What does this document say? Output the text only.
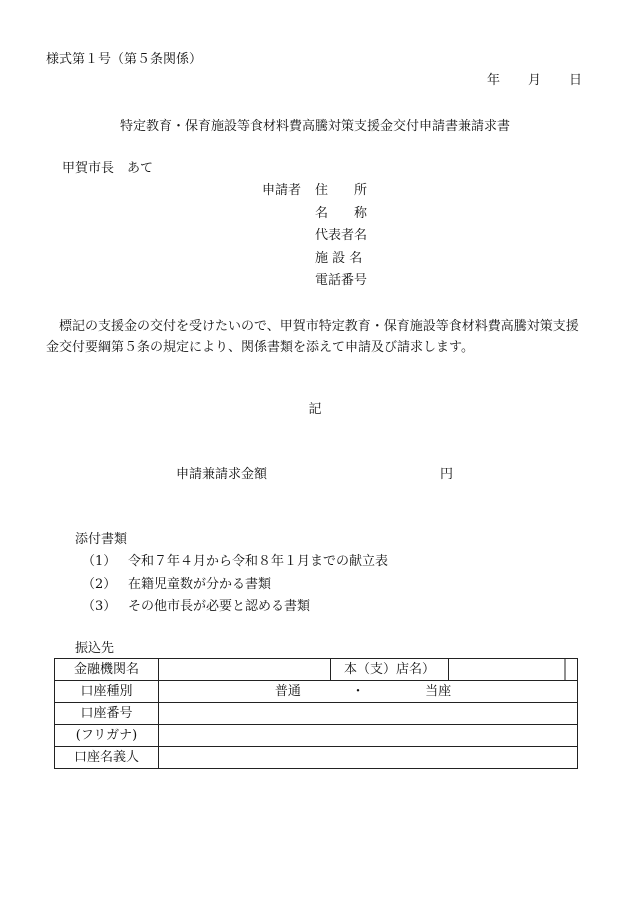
様式第１号（第５条関係）
年 月 日
特定教育・保育施設等食材料費高騰対策支援金交付申請書兼請求書
甲賀市長　あて
申請者 住　　所
名　　称
代表者名
施 設 名
電話番号
標記の支援金の交付を受けたいので、甲賀市特定教育・保育施設等食材料費高騰対策支援金交付要綱第５条の規定により、関係書類を添えて申請及び請求します。
記
申請兼請求金額	円
添付書類
（1） 令和７年４月から令和８年１月までの献立表
（2） 在籍児童数が分かる書類
（3） その他市長が必要と認める書類
振込先
金融機関名		本（支）店名）	
口座種別	普通 ・ 当座		
口座番号			
(フリガナ)			
口座名義人			
